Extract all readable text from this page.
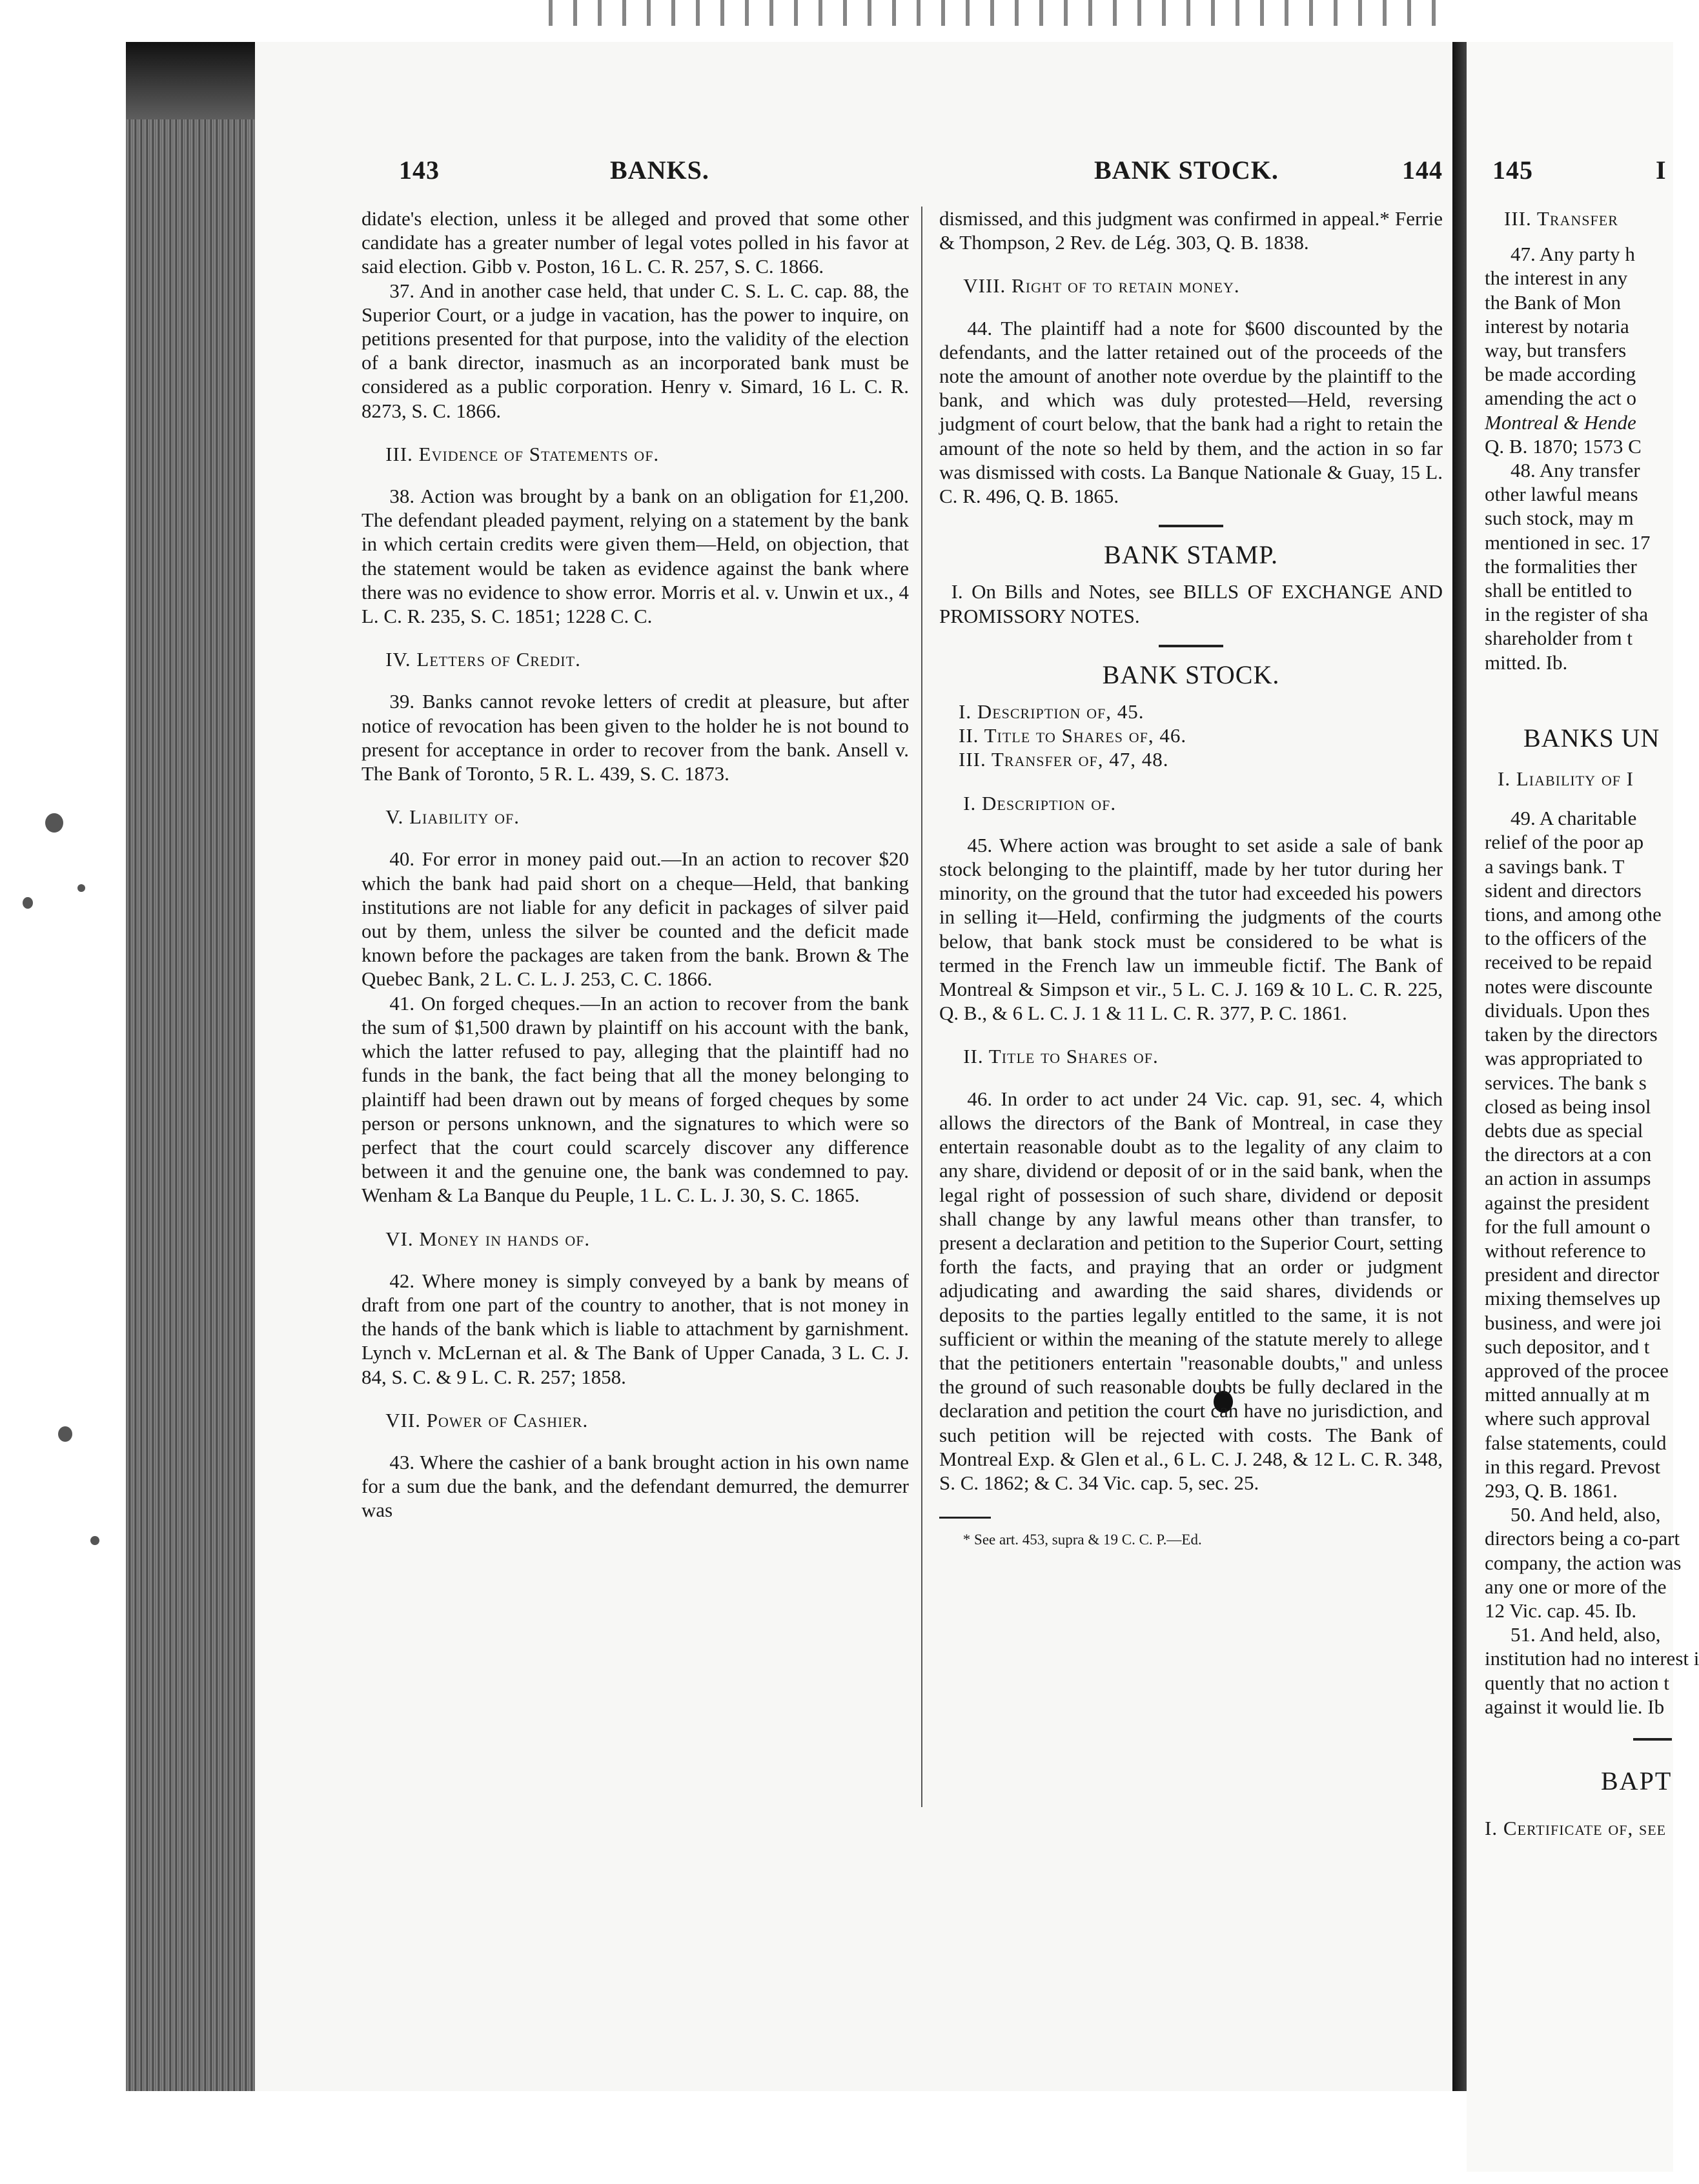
143	BANKS.	BANK STOCK.	144 145	I

didate's election, unless it be alleged and proved that some other candidate has a greater number of legal votes polled in his favor at said election. Gibb v. Poston, 16 L. C. R. 257, S. C. 1866.

37. And in another case held, that under C. S. L. C. cap. 88, the Superior Court, or a judge in vacation, has the power to inquire, on petitions presented for that purpose, into the validity of the election of a bank director, inasmuch as an incorporated bank must be considered as a public corporation. Henry v. Simard, 16 L. C. R. 8273, S. C. 1866.

III. Evidence of Statements of.

38. Action was brought by a bank on an obligation for £1,200. The defendant pleaded payment, relying on a statement by the bank in which certain credits were given them—Held, on objection, that the statement would be taken as evidence against the bank where there was no evidence to show error. Morris et al. v. Unwin et ux., 4 L. C. R. 235, S. C. 1851; 1228 C. C.

IV. Letters of Credit.

39. Banks cannot revoke letters of credit at pleasure, but after notice of revocation has been given to the holder he is not bound to present for acceptance in order to recover from the bank. Ansell v. The Bank of Toronto, 5 R. L. 439, S. C. 1873.

V. Liability of.

40. For error in money paid out.—In an action to recover $20 which the bank had paid short on a cheque—Held, that banking institutions are not liable for any deficit in packages of silver paid out by them, unless the silver be counted and the deficit made known before the packages are taken from the bank. Brown & The Quebec Bank, 2 L. C. L. J. 253, C. C. 1866.

41. On forged cheques.—In an action to recover from the bank the sum of $1,500 drawn by plaintiff on his account with the bank, which the latter refused to pay, alleging that the plaintiff had no funds in the bank, the fact being that all the money belonging to plaintiff had been drawn out by means of forged cheques by some person or persons unknown, and the signatures to which were so perfect that the court could scarcely discover any difference between it and the genuine one, the bank was condemned to pay. Wenham & La Banque du Peuple, 1 L. C. L. J. 30, S. C. 1865.

VI. Money in hands of.

42. Where money is simply conveyed by a bank by means of draft from one part of the country to another, that is not money in the hands of the bank which is liable to attachment by garnishment. Lynch v. McLernan et al. & The Bank of Upper Canada, 3 L. C. J. 84, S. C. & 9 L. C. R. 257; 1858.

VII. Power of Cashier.

43. Where the cashier of a bank brought action in his own name for a sum due the bank, and the defendant demurred, the demurrer was

dismissed, and this judgment was confirmed in appeal.* Ferrie & Thompson, 2 Rev. de Lég. 303, Q. B. 1838.

VIII. Right of to retain money.

44. The plaintiff had a note for $600 discounted by the defendants, and the latter retained out of the proceeds of the note the amount of another note overdue by the plaintiff to the bank, and which was duly protested—Held, reversing judgment of court below, that the bank had a right to retain the amount of the note so held by them, and the action in so far was dismissed with costs. La Banque Nationale & Guay, 15 L. C. R. 496, Q. B. 1865.

BANK STAMP.

I. On Bills and Notes, see BILLS OF EXCHANGE AND PROMISSORY NOTES.

BANK STOCK.
I. Description of, 45.
II. Title to Shares of, 46.
III. Transfer of, 47, 48.
I. Description of.

45. Where action was brought to set aside a sale of bank stock belonging to the plaintiff, made by her tutor during her minority, on the ground that the tutor had exceeded his powers in selling it—Held, confirming the judgments of the courts below, that bank stock must be considered to be what is termed in the French law un immeuble fictif. The Bank of Montreal & Simpson et vir., 5 L. C. J. 169 & 10 L. C. R. 225, Q. B., & 6 L. C. J. 1 & 11 L. C. R. 377, P. C. 1861.

II. Title to Shares of.

46. In order to act under 24 Vic. cap. 91, sec. 4, which allows the directors of the Bank of Montreal, in case they entertain reasonable doubt as to the legality of any claim to any share, dividend or deposit of or in the said bank, when the legal right of possession of such share, dividend or deposit shall change by any lawful means other than transfer, to present a declaration and petition to the Superior Court, setting forth the facts, and praying that an order or judgment adjudicating and awarding the said shares, dividends or deposits to the parties legally entitled to the same, it is not sufficient or within the meaning of the statute merely to allege that the petitioners entertain "reasonable doubts," and unless the ground of such reasonable doubts be fully declared in the declaration and petition the court can have no jurisdiction, and such petition will be rejected with costs. The Bank of Montreal Exp. & Glen et al., 6 L. C. J. 248, & 12 L. C. R. 348, S. C. 1862; & C. 34 Vic. cap. 5, sec. 25.

* See art. 453, supra & 19 C. C. P.—Ed.

III. Transfer
47. Any party h
the interest in any
the Bank of Mon
interest by notaria
way, but transfers
be made according
amending the act o
Montreal & Hende
Q. B. 1870; 1573 C
48. Any transfer
other lawful means
such stock, may m
mentioned in sec. 17
the formalities ther
shall be entitled to
in the register of sha
shareholder from t
mitted. Ib.
BANKS UN
I. Liability of I
49. A charitable
relief of the poor ap
a savings bank. T
sident and directors
tions, and among othe
to the officers of the
received to be repaid
notes were discounte
dividuals. Upon thes
taken by the directors
was appropriated to
services. The bank s
closed as being insol
debts due as special
the directors at a con
an action in assumps
against the president
for the full amount o
without reference to
president and director
mixing themselves up
business, and were joi
such depositor, and t
approved of the procee
mitted annually at m
where such approval
false statements, could
in this regard. Prevost
293, Q. B. 1861.
50. And held, also,
directors being a co-part
company, the action was
any one or more of the
12 Vic. cap. 45. Ib.
51. And held, also,
institution had no interest i
quently that no action t
against it would lie. Ib
BAPT
I. Certificate of, see
